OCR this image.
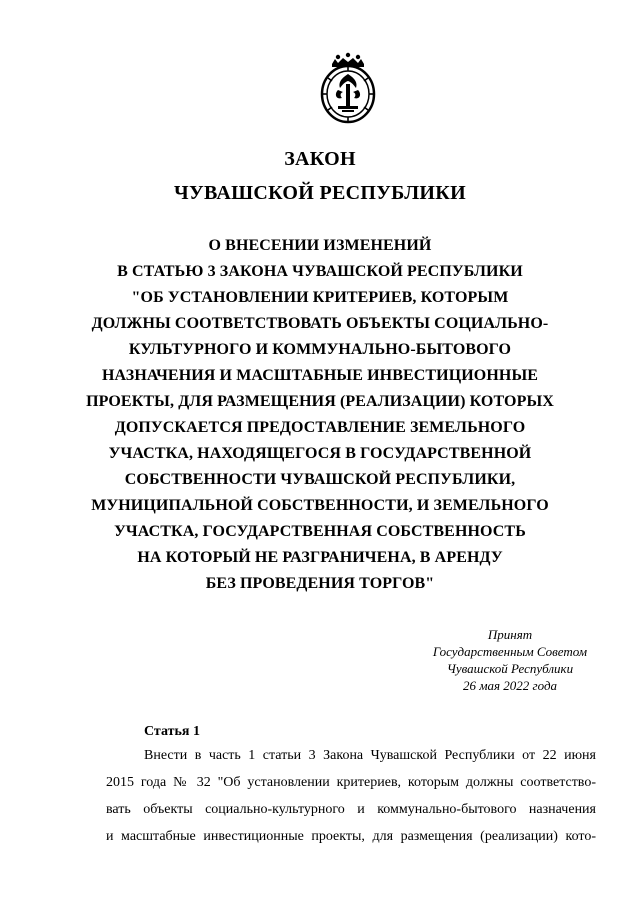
ЗАКОН
ЧУВАШСКОЙ РЕСПУБЛИКИ
О ВНЕСЕНИИ ИЗМЕНЕНИЙ
В СТАТЬЮ 3 ЗАКОНА ЧУВАШСКОЙ РЕСПУБЛИКИ
"ОБ УСТАНОВЛЕНИИ КРИТЕРИЕВ, КОТОРЫМ
ДОЛЖНЫ СООТВЕТСТВОВАТЬ ОБЪЕКТЫ СОЦИАЛЬНО-
КУЛЬТУРНОГО И КОММУНАЛЬНО-БЫТОВОГО
НАЗНАЧЕНИЯ И МАСШТАБНЫЕ ИНВЕСТИЦИОННЫЕ
ПРОЕКТЫ, ДЛЯ РАЗМЕЩЕНИЯ (РЕАЛИЗАЦИИ) КОТОРЫХ
ДОПУСКАЕТСЯ ПРЕДОСТАВЛЕНИЕ ЗЕМЕЛЬНОГО
УЧАСТКА, НАХОДЯЩЕГОСЯ В ГОСУДАРСТВЕННОЙ
СОБСТВЕННОСТИ ЧУВАШСКОЙ РЕСПУБЛИКИ,
МУНИЦИПАЛЬНОЙ СОБСТВЕННОСТИ, И ЗЕМЕЛЬНОГО
УЧАСТКА, ГОСУДАРСТВЕННАЯ СОБСТВЕННОСТЬ
НА КОТОРЫЙ НЕ РАЗГРАНИЧЕНА, В АРЕНДУ
БЕЗ ПРОВЕДЕНИЯ ТОРГОВ"
Принят
Государственным Советом
Чувашской Республики
26 мая 2022 года
Статья 1
Внести в часть 1 статьи 3 Закона Чувашской Республики от 22 июня
2015 года № 32 "Об установлении критериев, которым должны соответство-
вать объекты социально-культурного и коммунально-бытового назначения
и масштабные инвестиционные проекты, для размещения (реализации) кото-
